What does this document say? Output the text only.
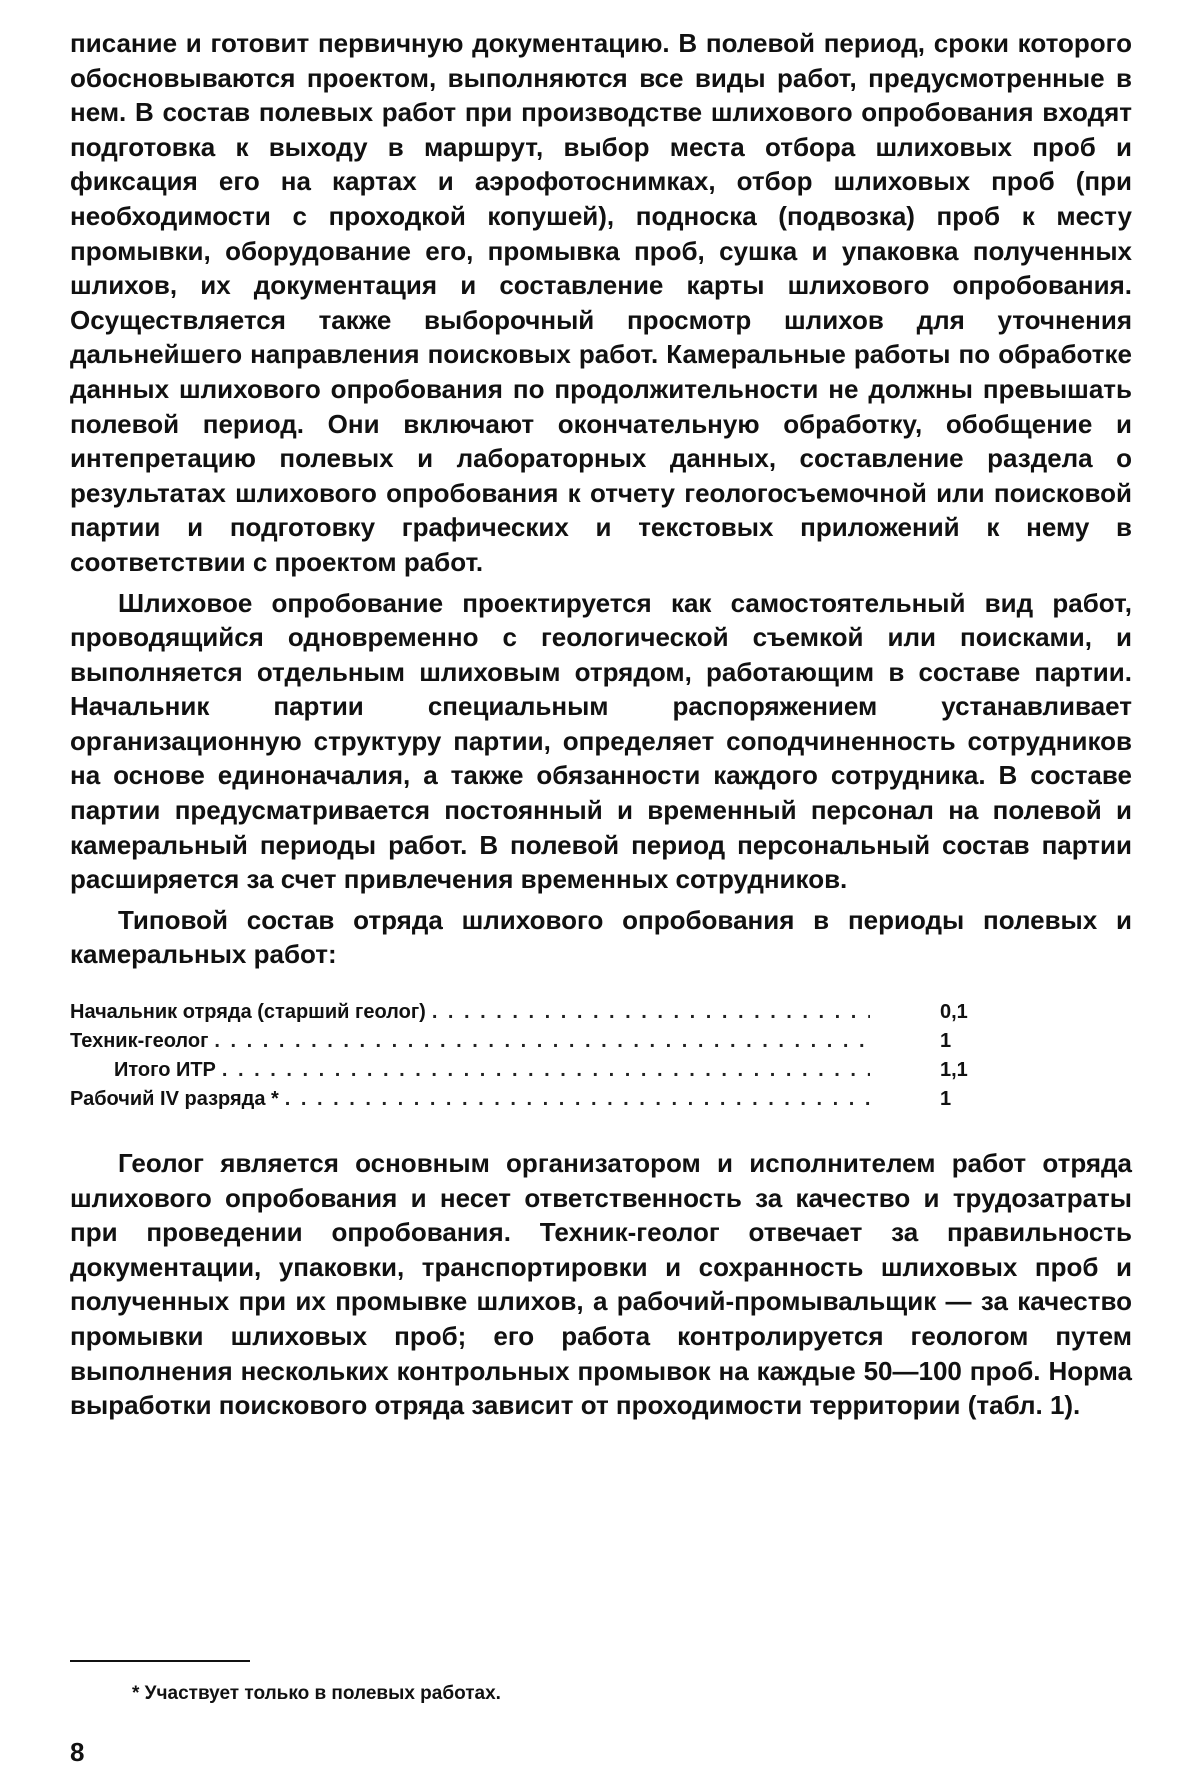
писание и готовит первичную документацию. В полевой период, сроки которого обосновываются проектом, выполняются все виды работ, предусмотренные в нем. В состав полевых работ при производстве шлихового опробования входят подготовка к выходу в маршрут, выбор места отбора шлиховых проб и фиксация его на картах и аэрофотоснимках, отбор шлиховых проб (при необходимости с проходкой копушей), подноска (подвозка) проб к месту промывки, оборудование его, промывка проб, сушка и упаковка полученных шлихов, их документация и составление карты шлихового опробования. Осуществляется также выборочный просмотр шлихов для уточнения дальнейшего направления поисковых работ. Камеральные работы по обработке данных шлихового опробования по продолжительности не должны превышать полевой период. Они включают окончательную обработку, обобщение и интепретацию полевых и лабораторных данных, составление раздела о результатах шлихового опробования к отчету геологосъемочной или поисковой партии и подготовку графических и текстовых приложений к нему в соответствии с проектом работ.

Шлиховое опробование проектируется как самостоятельный вид работ, проводящийся одновременно с геологической съемкой или поисками, и выполняется отдельным шлиховым отрядом, работающим в составе партии. Начальник партии специальным распоряжением устанавливает организационную структуру партии, определяет соподчиненность сотрудников на основе единоначалия, а также обязанности каждого сотрудника. В составе партии предусматривается постоянный и временный персонал на полевой и камеральный периоды работ. В полевой период персональный состав партии расширяется за счет привлечения временных сотрудников.

Типовой состав отряда шлихового опробования в периоды полевых и камеральных работ:

Начальник отряда (старший геолог) . . .	0,1
Техник-геолог . . .	1
Итого ИТР . . .	1,1
Рабочий IV разряда * . . .	1

Геолог является основным организатором и исполнителем работ отряда шлихового опробования и несет ответственность за качество и трудозатраты при проведении опробования. Техник-геолог отвечает за правильность документации, упаковки, транспортировки и сохранность шлиховых проб и полученных при их промывке шлихов, а рабочий-промывальщик — за качество промывки шлиховых проб; его работа контролируется геологом путем выполнения нескольких контрольных промывок на каждые 50—100 проб. Норма выработки поискового отряда зависит от проходимости территории (табл. 1).

* Участвует только в полевых работах.
8
